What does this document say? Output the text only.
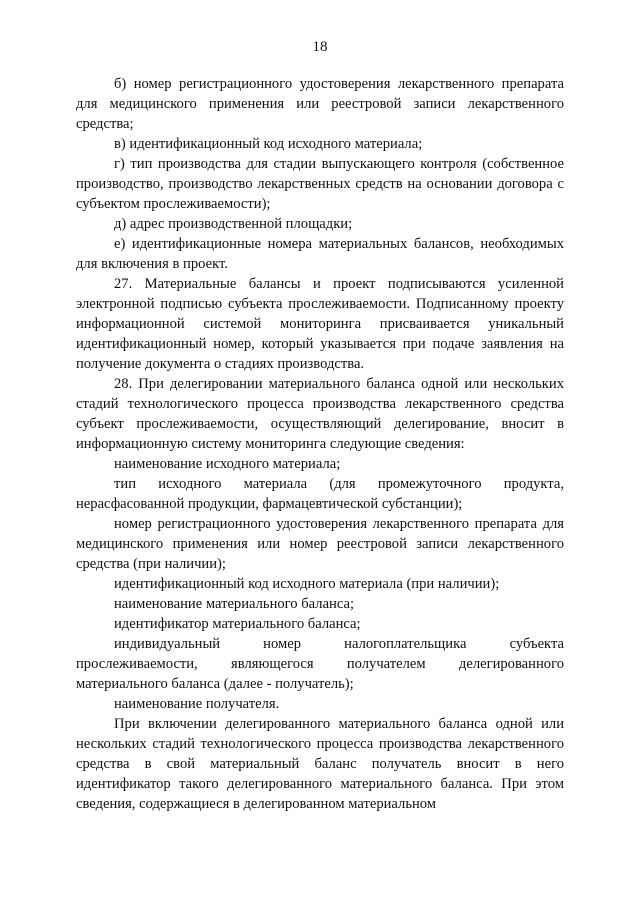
18

б) номер регистрационного удостоверения лекарственного препарата для медицинского применения или реестровой записи лекарственного средства;

в) идентификационный код исходного материала;

г) тип производства для стадии выпускающего контроля (собственное производство, производство лекарственных средств на основании договора с субъектом прослеживаемости);

д) адрес производственной площадки;

е) идентификационные номера материальных балансов, необходимых для включения в проект.

27. Материальные балансы и проект подписываются усиленной электронной подписью субъекта прослеживаемости. Подписанному проекту информационной системой мониторинга присваивается уникальный идентификационный номер, который указывается при подаче заявления на получение документа о стадиях производства.

28. При делегировании материального баланса одной или нескольких стадий технологического процесса производства лекарственного средства субъект прослеживаемости, осуществляющий делегирование, вносит в информационную систему мониторинга следующие сведения:

наименование исходного материала;

тип исходного материала (для промежуточного продукта, нерасфасованной продукции, фармацевтической субстанции);

номер регистрационного удостоверения лекарственного препарата для медицинского применения или номер реестровой записи лекарственного средства (при наличии);

идентификационный код исходного материала (при наличии);

наименование материального баланса;

идентификатор материального баланса;

индивидуальный номер налогоплательщика субъекта прослеживаемости, являющегося получателем делегированного материального баланса (далее - получатель);

наименование получателя.

При включении делегированного материального баланса одной или нескольких стадий технологического процесса производства лекарственного средства в свой материальный баланс получатель вносит в него идентификатор такого делегированного материального баланса. При этом сведения, содержащиеся в делегированном материальном
